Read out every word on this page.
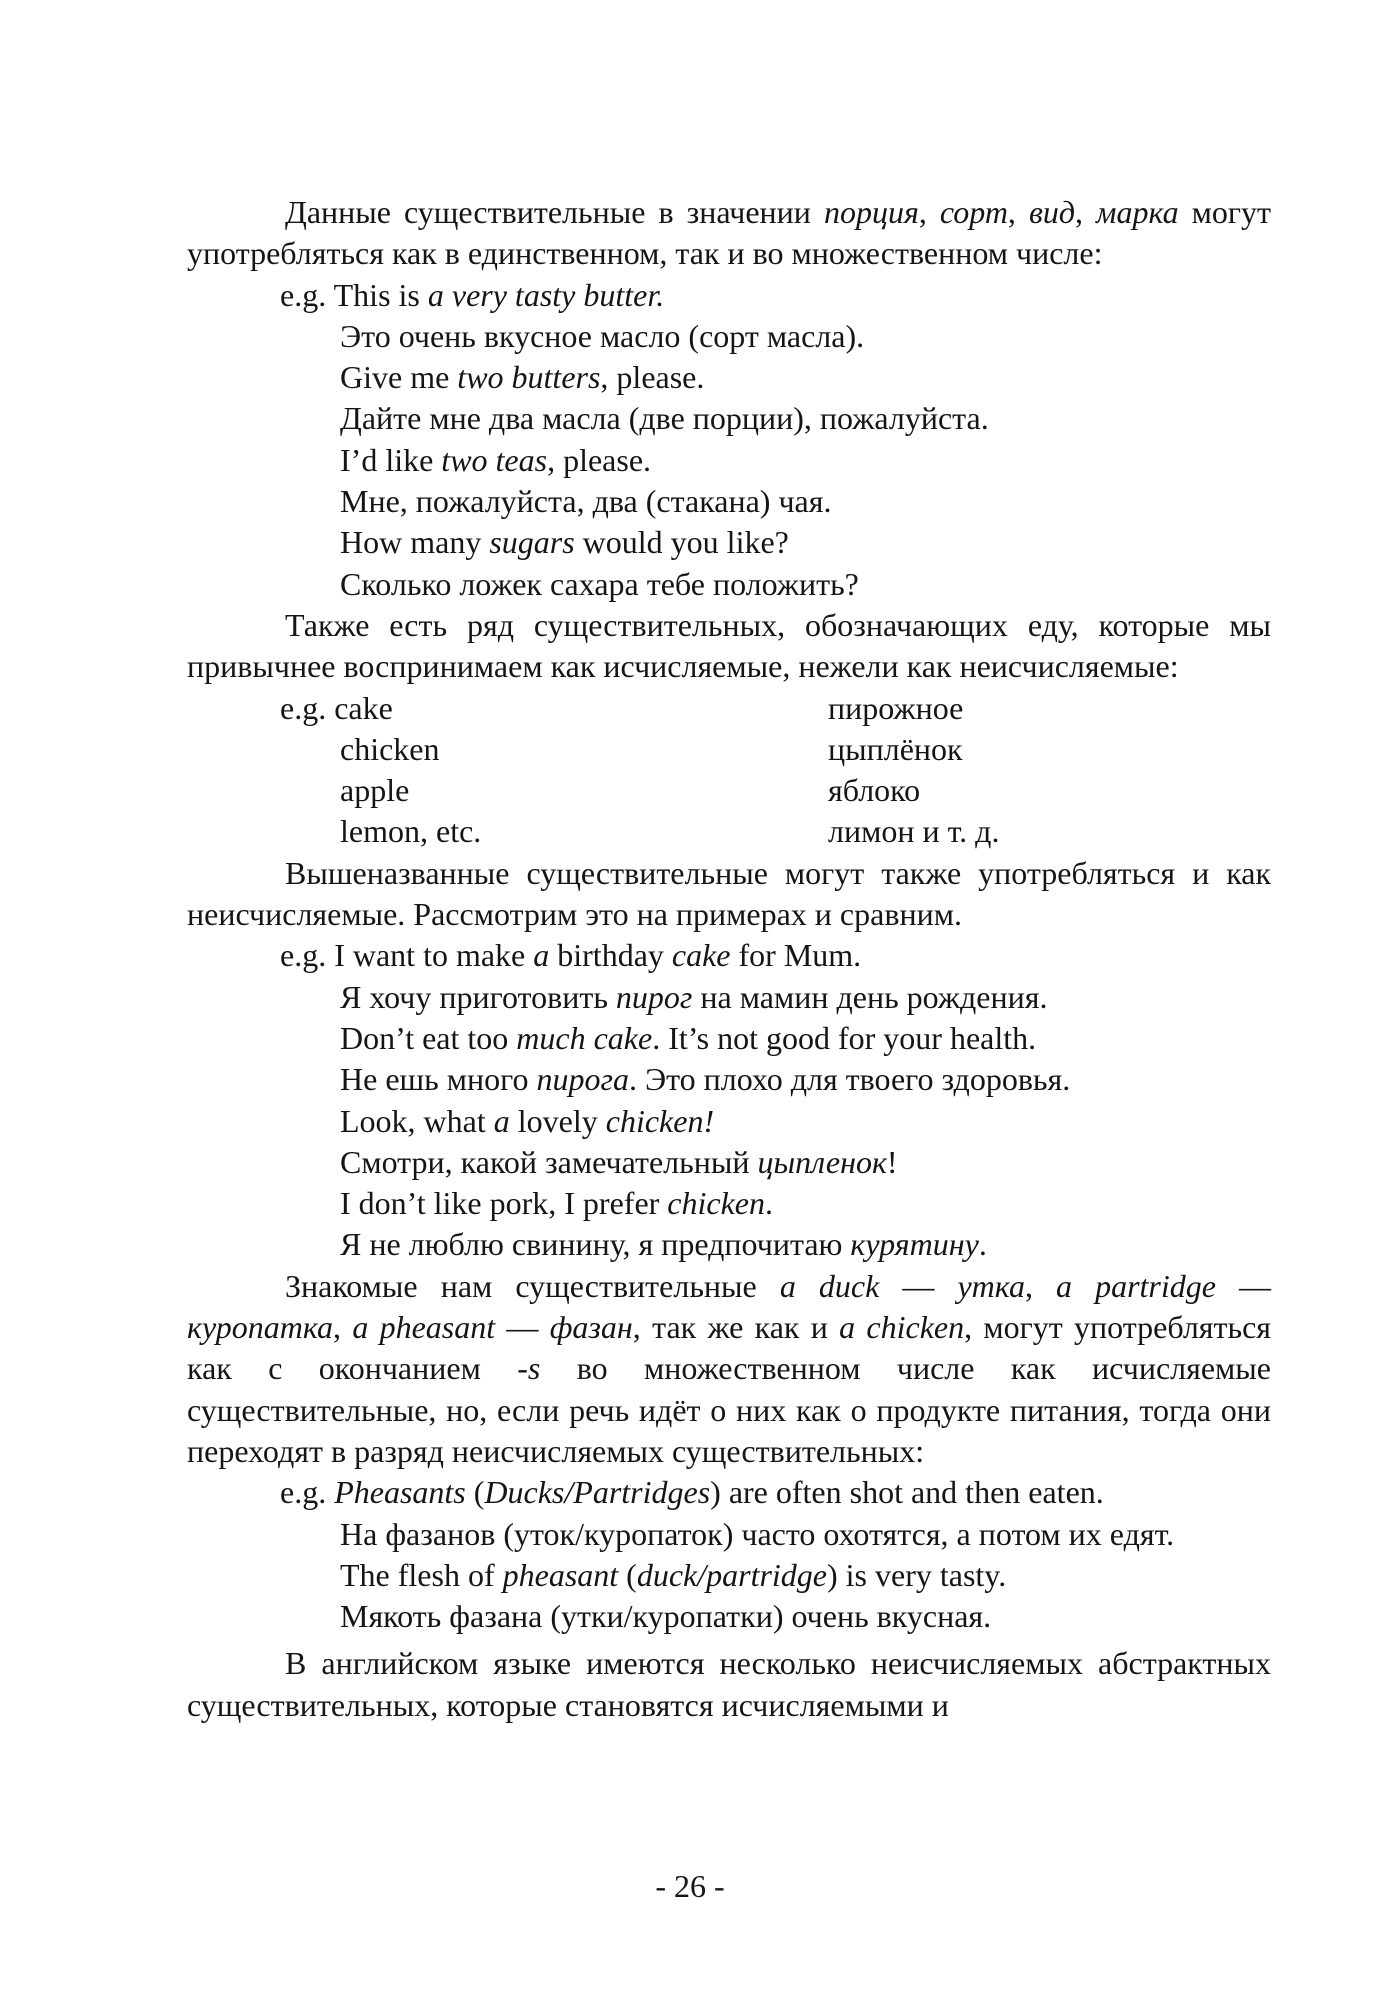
Данные существительные в значении порция, сорт, вид, марка могут употребляться как в единственном, так и во множественном числе:

e.g. This is a very tasty butter.

Это очень вкусное масло (сорт масла).

Give me two butters, please.

Дайте мне два масла (две порции), пожалуйста.

I’d like two teas, please.

Мне, пожалуйста, два (стакана) чая.

How many sugars would you like?

Сколько ложек сахара тебе положить?

Также есть ряд существительных, обозначающих еду, которые мы привычнее воспринимаем как исчисляемые, нежели как неисчисляемые:

e.g. cake	пирожное
chicken	цыплёнок
apple	яблоко
lemon, etc.	лимон и т. д.

Вышеназванные существительные могут также употребляться и как неисчисляемые. Рассмотрим это на примерах и сравним.

e.g. I want to make a birthday cake for Mum.

Я хочу приготовить пирог на мамин день рождения.

Don’t eat too much cake. It’s not good for your health.

Не ешь много пирога. Это плохо для твоего здоровья.

Look, what a lovely chicken!

Смотри, какой замечательный цыпленок!

I don’t like pork, I prefer chicken.

Я не люблю свинину, я предпочитаю курятину.

Знакомые нам существительные a duck — утка, a partridge — куропатка, a pheasant — фазан, так же как и a chicken, могут употребляться как с окончанием -s во множественном числе как исчисляемые существительные, но, если речь идёт о них как о продукте питания, тогда они переходят в разряд неисчисляемых существительных:

e.g. Pheasants (Ducks/Partridges) are often shot and then eaten.

На фазанов (уток/куропаток) часто охотятся, а потом их едят.

The flesh of pheasant (duck/partridge) is very tasty.

Мякоть фазана (утки/куропатки) очень вкусная.

В английском языке имеются несколько неисчисляемых абстрактных существительных, которые становятся исчисляемыми и

- 26 -
